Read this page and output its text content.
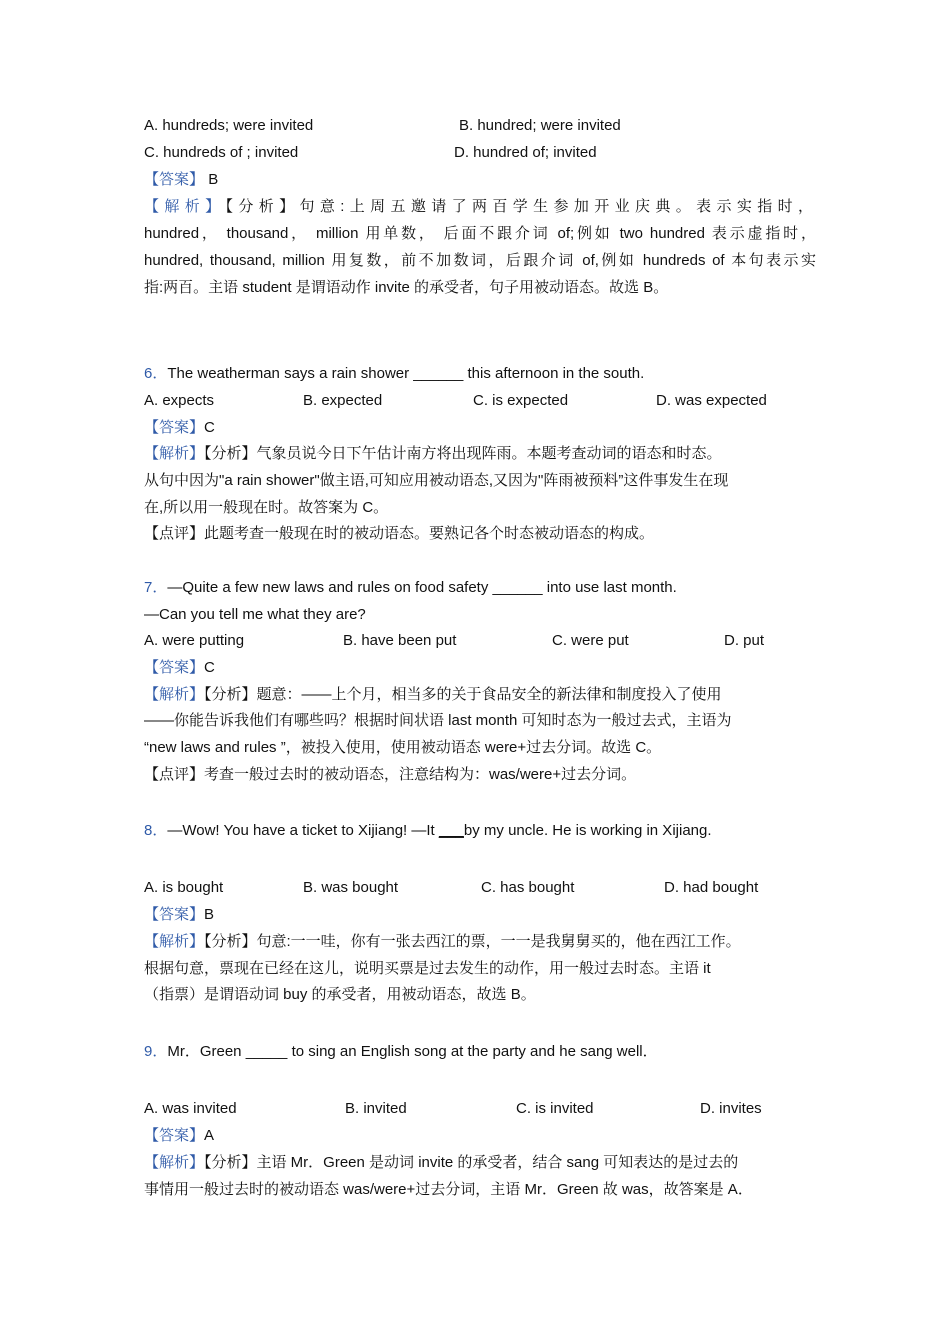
A. hundreds; were invited	B. hundred; were invited
C. hundreds of ; invited	D. hundred of; invited
【答案】 B
【解析】【分析】句意:上周五邀请了两百学生参加开业庆典。表示实指时，
hundred， thousand， million 用单数， 后面不跟介词 of;例如 two hundred 表示虚指时，
hundred, thousand, million 用复数，前不加数词，后跟介词 of,例如 hundreds of 本句表示实
指:两百。主语 student 是谓语动作 invite 的承受者，句子用被动语态。故选 B。
6．The weatherman says a rain shower ______ this afternoon in the south.
A. expects	B. expected	C. is expected	D. was expected
【答案】C
【解析】【分析】气象员说今日下午估计南方将出现阵雨。本题考查动词的语态和时态。
从句中因为"a rain shower"做主语,可知应用被动语态,又因为"阵雨被预料”这件事发生在现
在,所以用一般现在时。故答案为 C。
【点评】此题考查一般现在时的被动语态。要熟记各个时态被动语态的构成。
7．—Quite a few new laws and rules on food safety ______ into use last month.
—Can you tell me what they are?
A. were putting	B. have been put	C. were put	D. put
【答案】C
【解析】【分析】题意：——上个月，相当多的关于食品安全的新法律和制度投入了使用
——你能告诉我他们有哪些吗？根据时间状语 last month 可知时态为一般过去式，主语为
“new laws and rules ”，被投入使用，使用被动语态 were+过去分词。故选 C。
【点评】考查一般过去时的被动语态，注意结构为：was/were+过去分词。
8．—Wow! You have a ticket to Xijiang! —It ___by my uncle. He is working in Xijiang.
A. is bought	B. was bought	C. has bought	D. had bought
【答案】B
【解析】【分析】句意:一一哇，你有一张去西江的票，一一是我舅舅买的，他在西江工作。
根据句意，票现在已经在这儿，说明买票是过去发生的动作，用一般过去时态。主语 it
（指票）是谓语动词 buy 的承受者，用被动语态，故选 B。
9．Mr．Green _____ to sing an English song at the party and he sang well．
A. was invited	B. invited	C. is invited	D. invites
【答案】A
【解析】【分析】主语 Mr．Green 是动词 invite 的承受者，结合 sang 可知表达的是过去的
事情用一般过去时的被动语态 was/were+过去分词，主语 Mr．Green 故 was，故答案是 A．
